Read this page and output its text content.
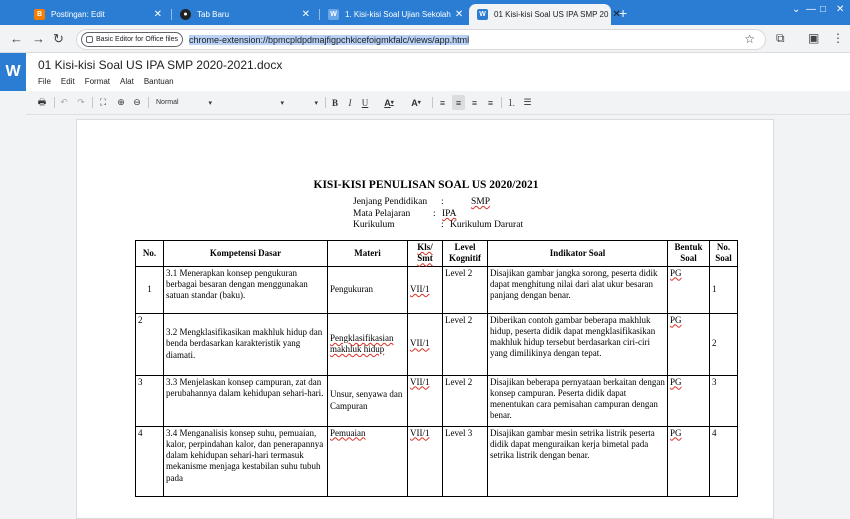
B	Postingan: Edit	✕	●	Tab Baru	✕	W 1. Kisi-kisi Soal Ujian Sekolah ✕	W 01 Kisi-kisi Soal US IPA SMP 20 ✕
+	⌄ — □ ✕
← → ↻	Basic Editor for Office files chrome-extension://bpmcpldpdmajfigpchkicefoigmkfalc/views/app.html	☆ ⧉ ▣ ⋮
W	01 Kisi-kisi Soal US IPA SMP 2020-2021.docx
File Edit Format Alat Bantuan
🖶 ↶ ↷	⛶	⊕ ⊖	Normal	▾	▾	▾	B	I	U	A ▾ A ▾	≡	≡	≡	≡	⒈ ☰
KISI-KISI PENULISAN SOAL US 2020/2021
Jenjang Pendidikan :	SMP
Mata Pelajaran : IPA
Kurikulum	: Kurikulum Darurat
No.	Kompetensi Dasar	Materi	Kls/ Smt	Level Kognitif	Indikator Soal	Bentuk Soal	No. Soal
1	3.1 Menerapkan konsep pengukuran berbagai besaran dengan menggunakan satuan standar (baku).	Pengukuran	VII/1	Level 2	Disajikan gambar jangka sorong, peserta didik dapat menghitung nilai dari alat ukur besaran panjang dengan benar.	PG	1
2	3.2 Mengklasifikasikan makhluk hidup dan benda berdasarkan karakteristik yang diamati.	Pengklasifikasian makhluk hidup	VII/1	Level 2	Diberikan contoh gambar beberapa makhluk hidup, peserta didik dapat mengklasifikasikan makhluk hidup tersebut berdasarkan ciri-ciri yang dimilikinya dengan tepat.	PG	2
3	3.3 Menjelaskan konsep campuran, zat dan perubahannya dalam kehidupan sehari-hari.	Unsur, senyawa dan Campuran	VII/1	Level 2	Disajikan beberapa pernyataan berkaitan dengan konsep campuran. Peserta didik dapat menentukan cara pemisahan campuran dengan benar.	PG	3
4	3.4 Menganalisis konsep suhu, pemuaian, kalor, perpindahan kalor, dan penerapannya dalam kehidupan sehari-hari termasuk mekanisme menjaga kestabilan suhu tubuh pada	Pemuaian	VII/1	Level 3	Disajikan gambar mesin setrika listrik peserta didik dapat menguraikan kerja bimetal pada setrika listrik dengan benar.	PG	4
